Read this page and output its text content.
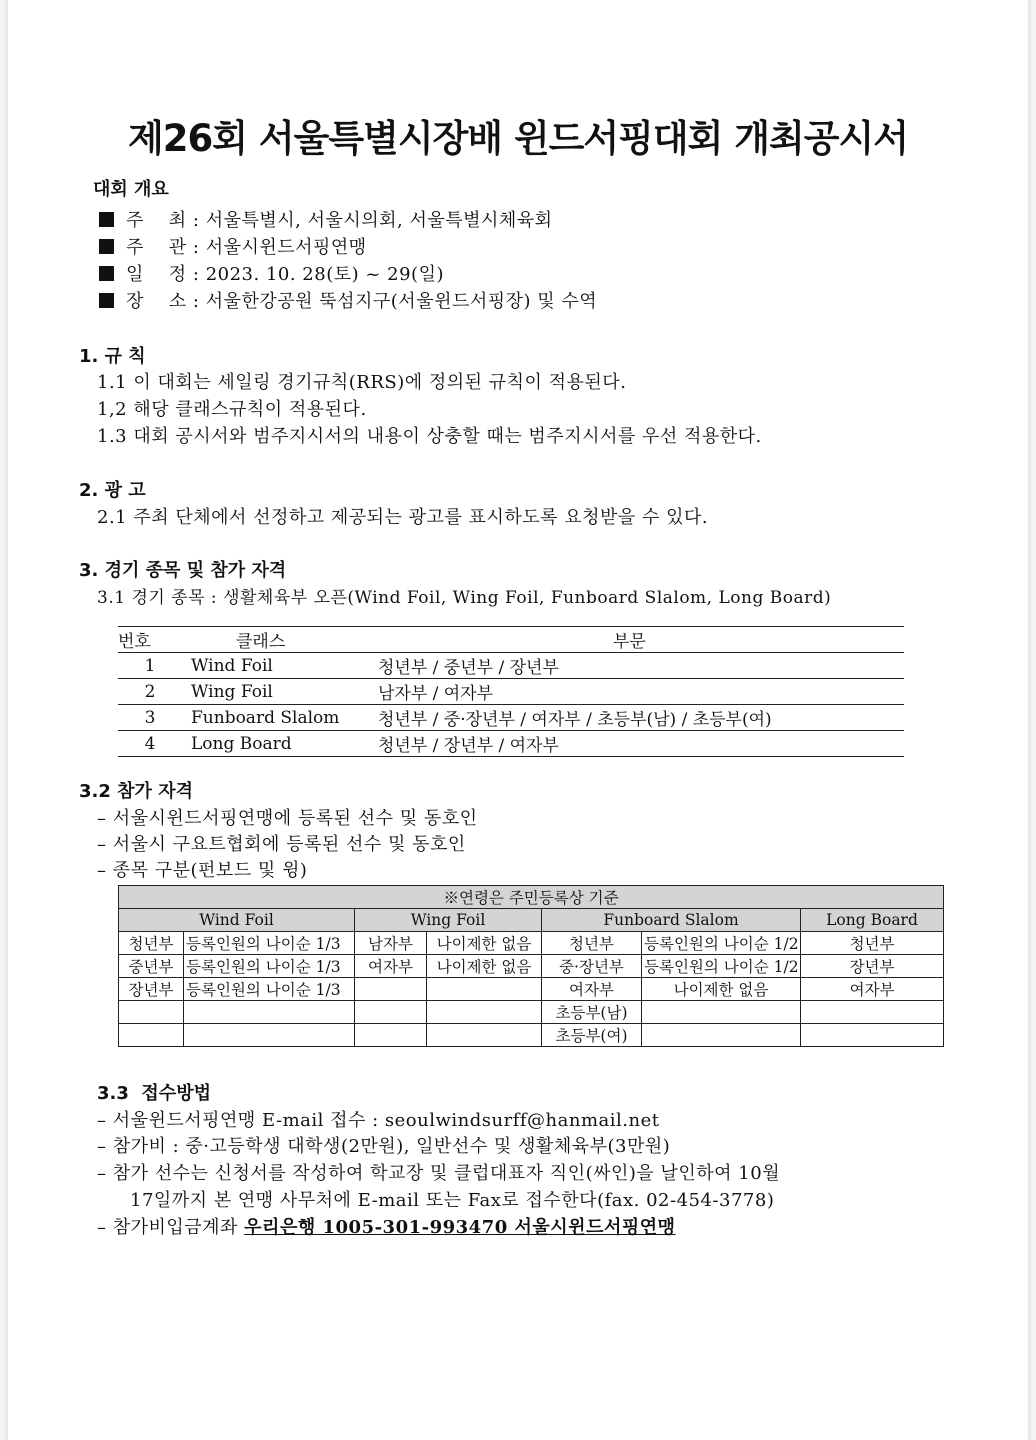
제26회 서울특별시장배 윈드서핑대회 개최공시서
대회 개요
주    최 : 서울특별시, 서울시의회, 서울특별시체육회
주    관 : 서울시윈드서핑연맹
일    정 : 2023. 10. 28(토) ~ 29(일)
장    소 : 서울한강공원 뚝섬지구(서울윈드서핑장) 및 수역
1. 규 칙
1.1 이 대회는 세일링 경기규칙(RRS)에 정의된 규칙이 적용된다.
1,2 해당 클래스규칙이 적용된다.
1.3 대회 공시서와 범주지시서의 내용이 상충할 때는 범주지시서를 우선 적용한다.
2. 광 고
2.1 주최 단체에서 선정하고 제공되는 광고를 표시하도록 요청받을 수 있다.
3. 경기 종목 및 참가 자격
3.1 경기 종목 : 생활체육부 오픈(Wind Foil, Wing Foil, Funboard Slalom, Long Board)
번호	클래스	부문
1	Wind Foil	청년부 / 중년부 / 장년부
2	Wing Foil	남자부 / 여자부
3	Funboard Slalom	청년부 / 중·장년부 / 여자부 / 초등부(남) / 초등부(여)
4	Long Board	청년부 / 장년부 / 여자부
3.2 참가 자격
– 서울시윈드서핑연맹에 등록된 선수 및 동호인
– 서울시 구요트협회에 등록된 선수 및 동호인
– 종목 구분(펀보드 및 윙)
※연령은 주민등록상 기준						
Wind Foil		Wing Foil		Funboard Slalom		Long Board
청년부	등록인원의 나이순 1/3	남자부	나이제한 없음	청년부	등록인원의 나이순 1/2	청년부
중년부	등록인원의 나이순 1/3	여자부	나이제한 없음	중·장년부	등록인원의 나이순 1/2	장년부
장년부	등록인원의 나이순 1/3			여자부	나이제한 없음	여자부
				초등부(남)		
				초등부(여)		
3.3  접수방법
– 서울윈드서핑연맹 E-mail 접수 : seoulwindsurff@hanmail.net
– 참가비 : 중·고등학생 대학생(2만원), 일반선수 및 생활체육부(3만원)
– 참가 선수는 신청서를 작성하여 학교장 및 클럽대표자 직인(싸인)을 날인하여 10월
17일까지 본 연맹 사무처에 E-mail 또는 Fax로 접수한다(fax. 02-454-3778)
– 참가비입금계좌 우리은행 1005-301-993470 서울시윈드서핑연맹
